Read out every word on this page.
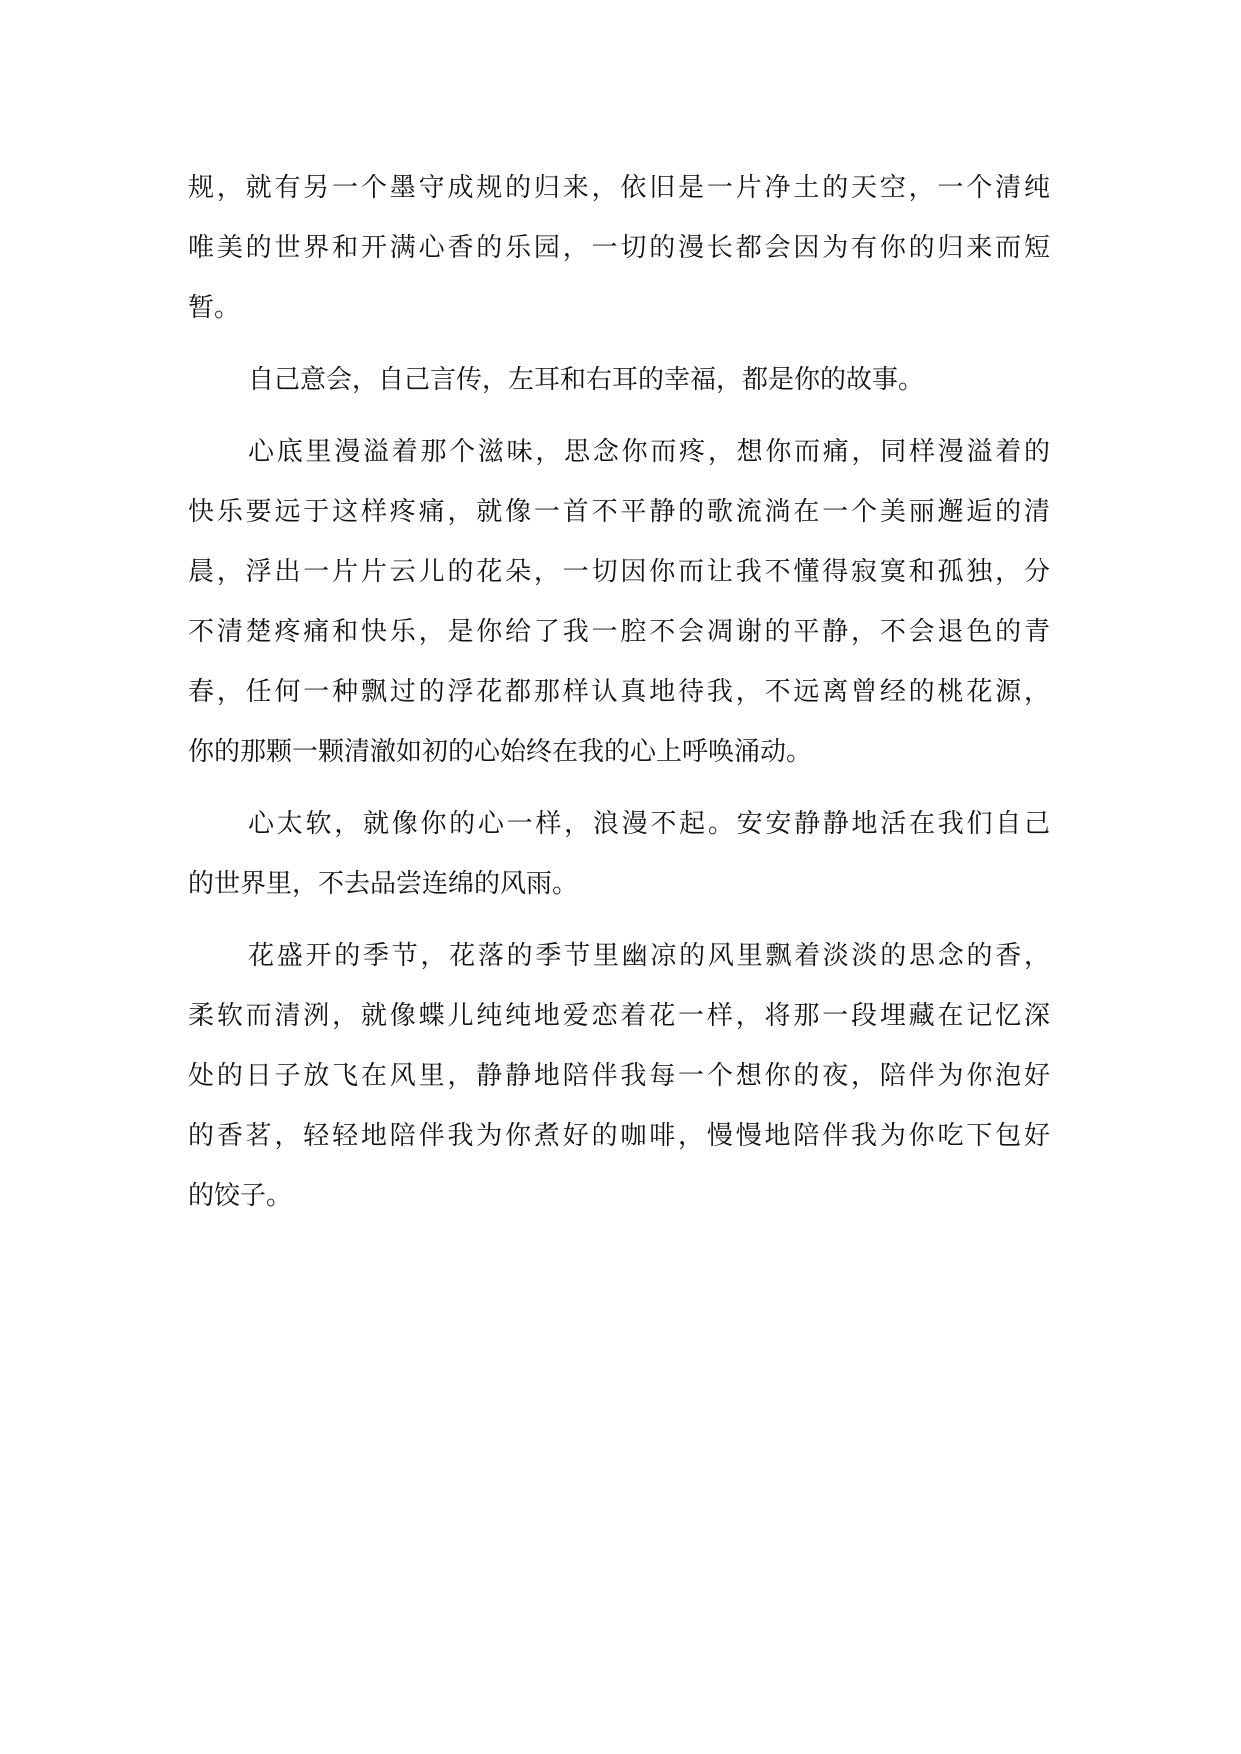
规，就有另一个墨守成规的归来，依旧是一片净土的天空，一个清纯
唯美的世界和开满心香的乐园，一切的漫长都会因为有你的归来而短
暂。

自己意会，自己言传，左耳和右耳的幸福，都是你的故事。

心底里漫溢着那个滋味，思念你而疼，想你而痛，同样漫溢着的
快乐要远于这样疼痛，就像一首不平静的歌流淌在一个美丽邂逅的清
晨，浮出一片片云儿的花朵，一切因你而让我不懂得寂寞和孤独，分
不清楚疼痛和快乐，是你给了我一腔不会凋谢的平静，不会退色的青
春，任何一种飘过的浮花都那样认真地待我，不远离曾经的桃花源，
你的那颗一颗清澈如初的心始终在我的心上呼唤涌动。

心太软，就像你的心一样，浪漫不起。安安静静地活在我们自己
的世界里，不去品尝连绵的风雨。

花盛开的季节，花落的季节里幽凉的风里飘着淡淡的思念的香，
柔软而清洌，就像蝶儿纯纯地爱恋着花一样，将那一段埋藏在记忆深
处的日子放飞在风里，静静地陪伴我每一个想你的夜，陪伴为你泡好
的香茗，轻轻地陪伴我为你煮好的咖啡，慢慢地陪伴我为你吃下包好
的饺子。
